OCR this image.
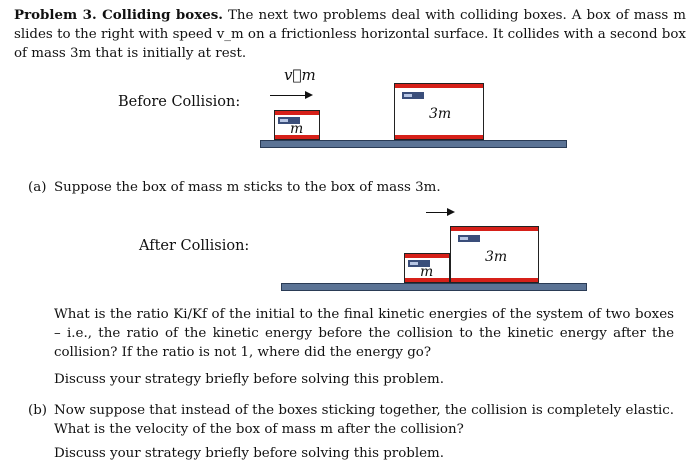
Problem 3. Colliding boxes. The next two problems deal with colliding boxes. A box of mass m slides to the right with speed v_m on a frictionless horizontal surface. It collides with a second box of mass 3m that is initially at rest.
Before Collision:
v⃗m
m
3m
(a) Suppose the box of mass m sticks to the box of mass 3m.
After Collision:
m
3m
What is the ratio Ki/Kf of the initial to the final kinetic energies of the system of two boxes – i.e., the ratio of the kinetic energy before the collision to the kinetic energy after the collision? If the ratio is not 1, where did the energy go?
Discuss your strategy briefly before solving this problem.
(b) Now suppose that instead of the boxes sticking together, the collision is completely elastic. What is the velocity of the box of mass m after the collision?
Discuss your strategy briefly before solving this problem.
